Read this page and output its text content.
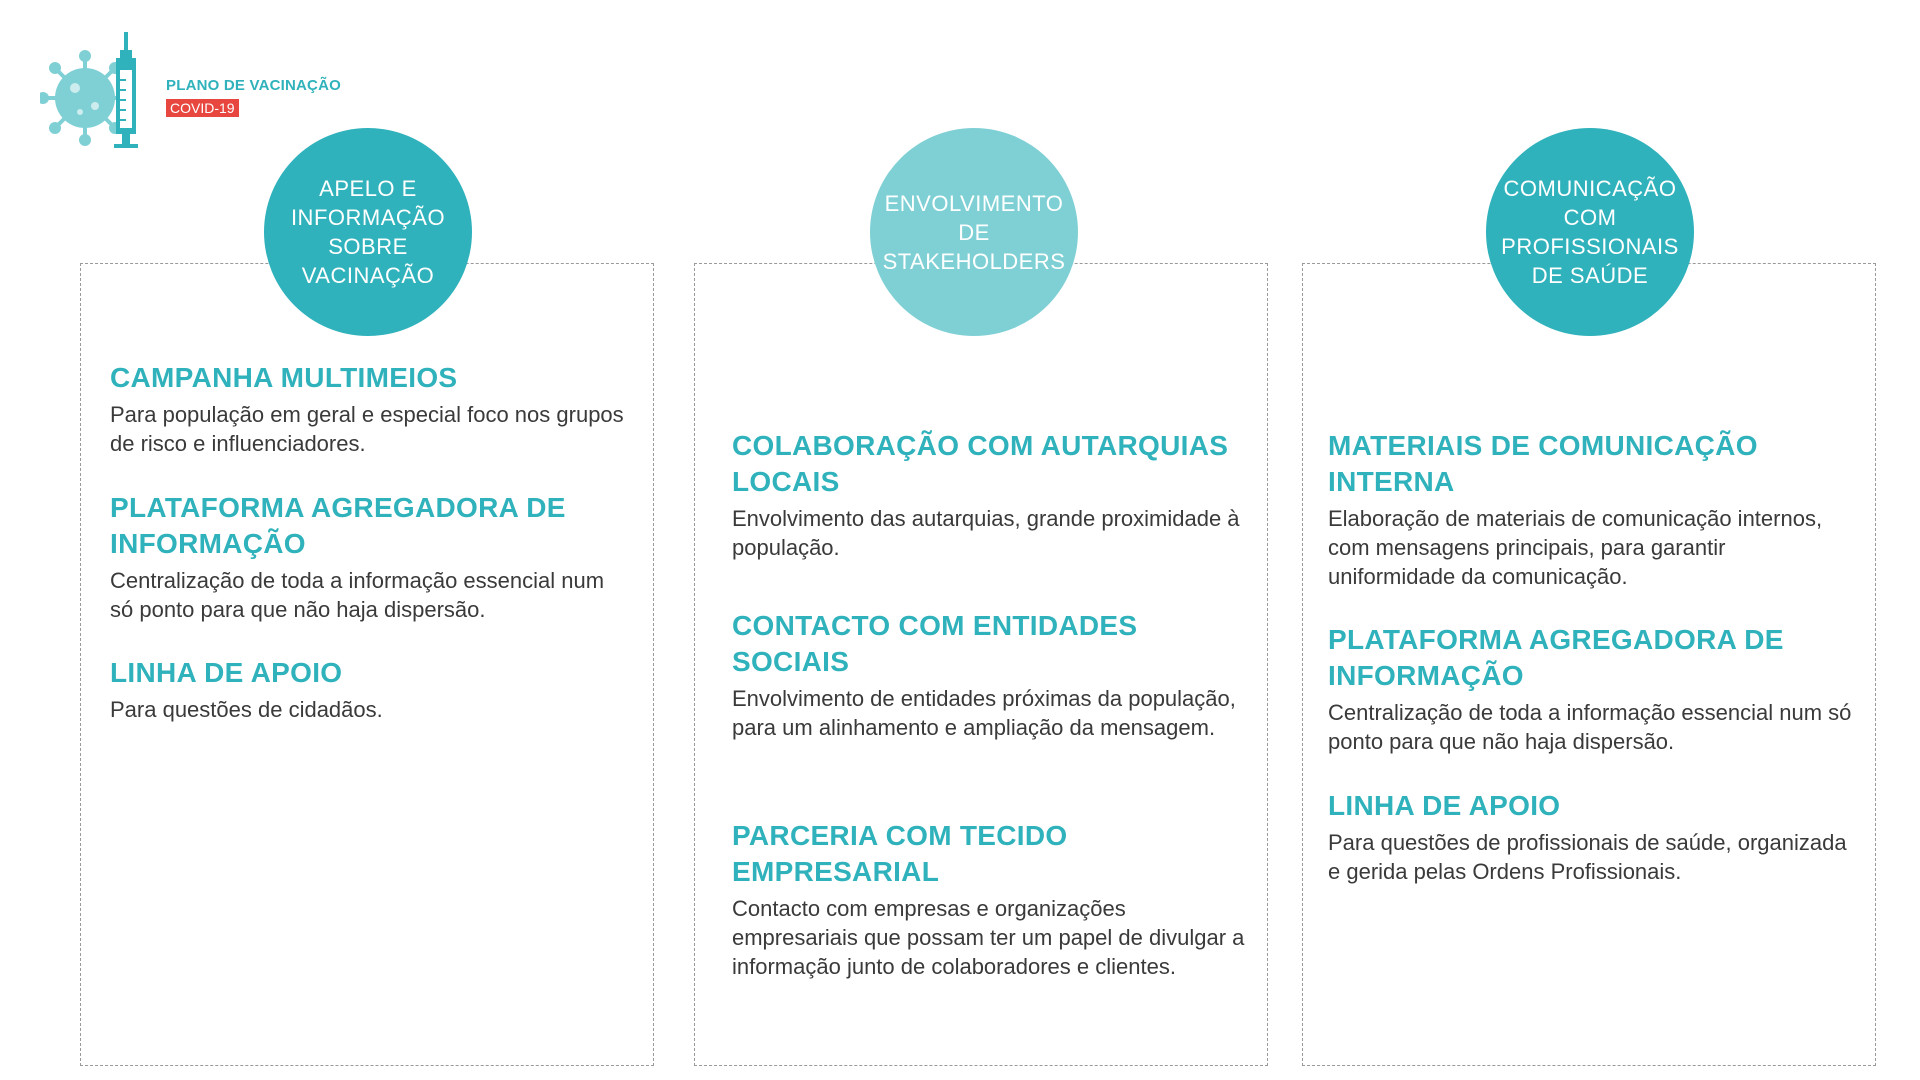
PLANO DE VACINAÇÃO
COVID-19
APELO E
INFORMAÇÃO
SOBRE
VACINAÇÃO
CAMPANHA MULTIMEIOS

Para população em geral e especial foco nos grupos de risco e influenciadores.

PLATAFORMA AGREGADORA DE INFORMAÇÃO

Centralização de toda a informação essencial num só ponto para que não haja dispersão.

LINHA DE APOIO

Para questões de cidadãos.

ENVOLVIMENTO
DE
STAKEHOLDERS
COLABORAÇÃO COM AUTARQUIAS LOCAIS

Envolvimento das autarquias, grande proximidade à população.

CONTACTO COM ENTIDADES SOCIAIS

Envolvimento de entidades próximas da população, para um alinhamento e ampliação da mensagem.

PARCERIA COM TECIDO EMPRESARIAL

Contacto com empresas e organizações empresariais que possam ter um papel de divulgar a informação junto de colaboradores e clientes.

COMUNICAÇÃO
COM
PROFISSIONAIS
DE SAÚDE
MATERIAIS DE COMUNICAÇÃO INTERNA

Elaboração de materiais de comunicação internos, com mensagens principais, para garantir uniformidade da comunicação.

PLATAFORMA AGREGADORA DE INFORMAÇÃO

Centralização de toda a informação essencial num só ponto para que não haja dispersão.

LINHA DE APOIO

Para questões de profissionais de saúde, organizada e gerida pelas Ordens Profissionais.
